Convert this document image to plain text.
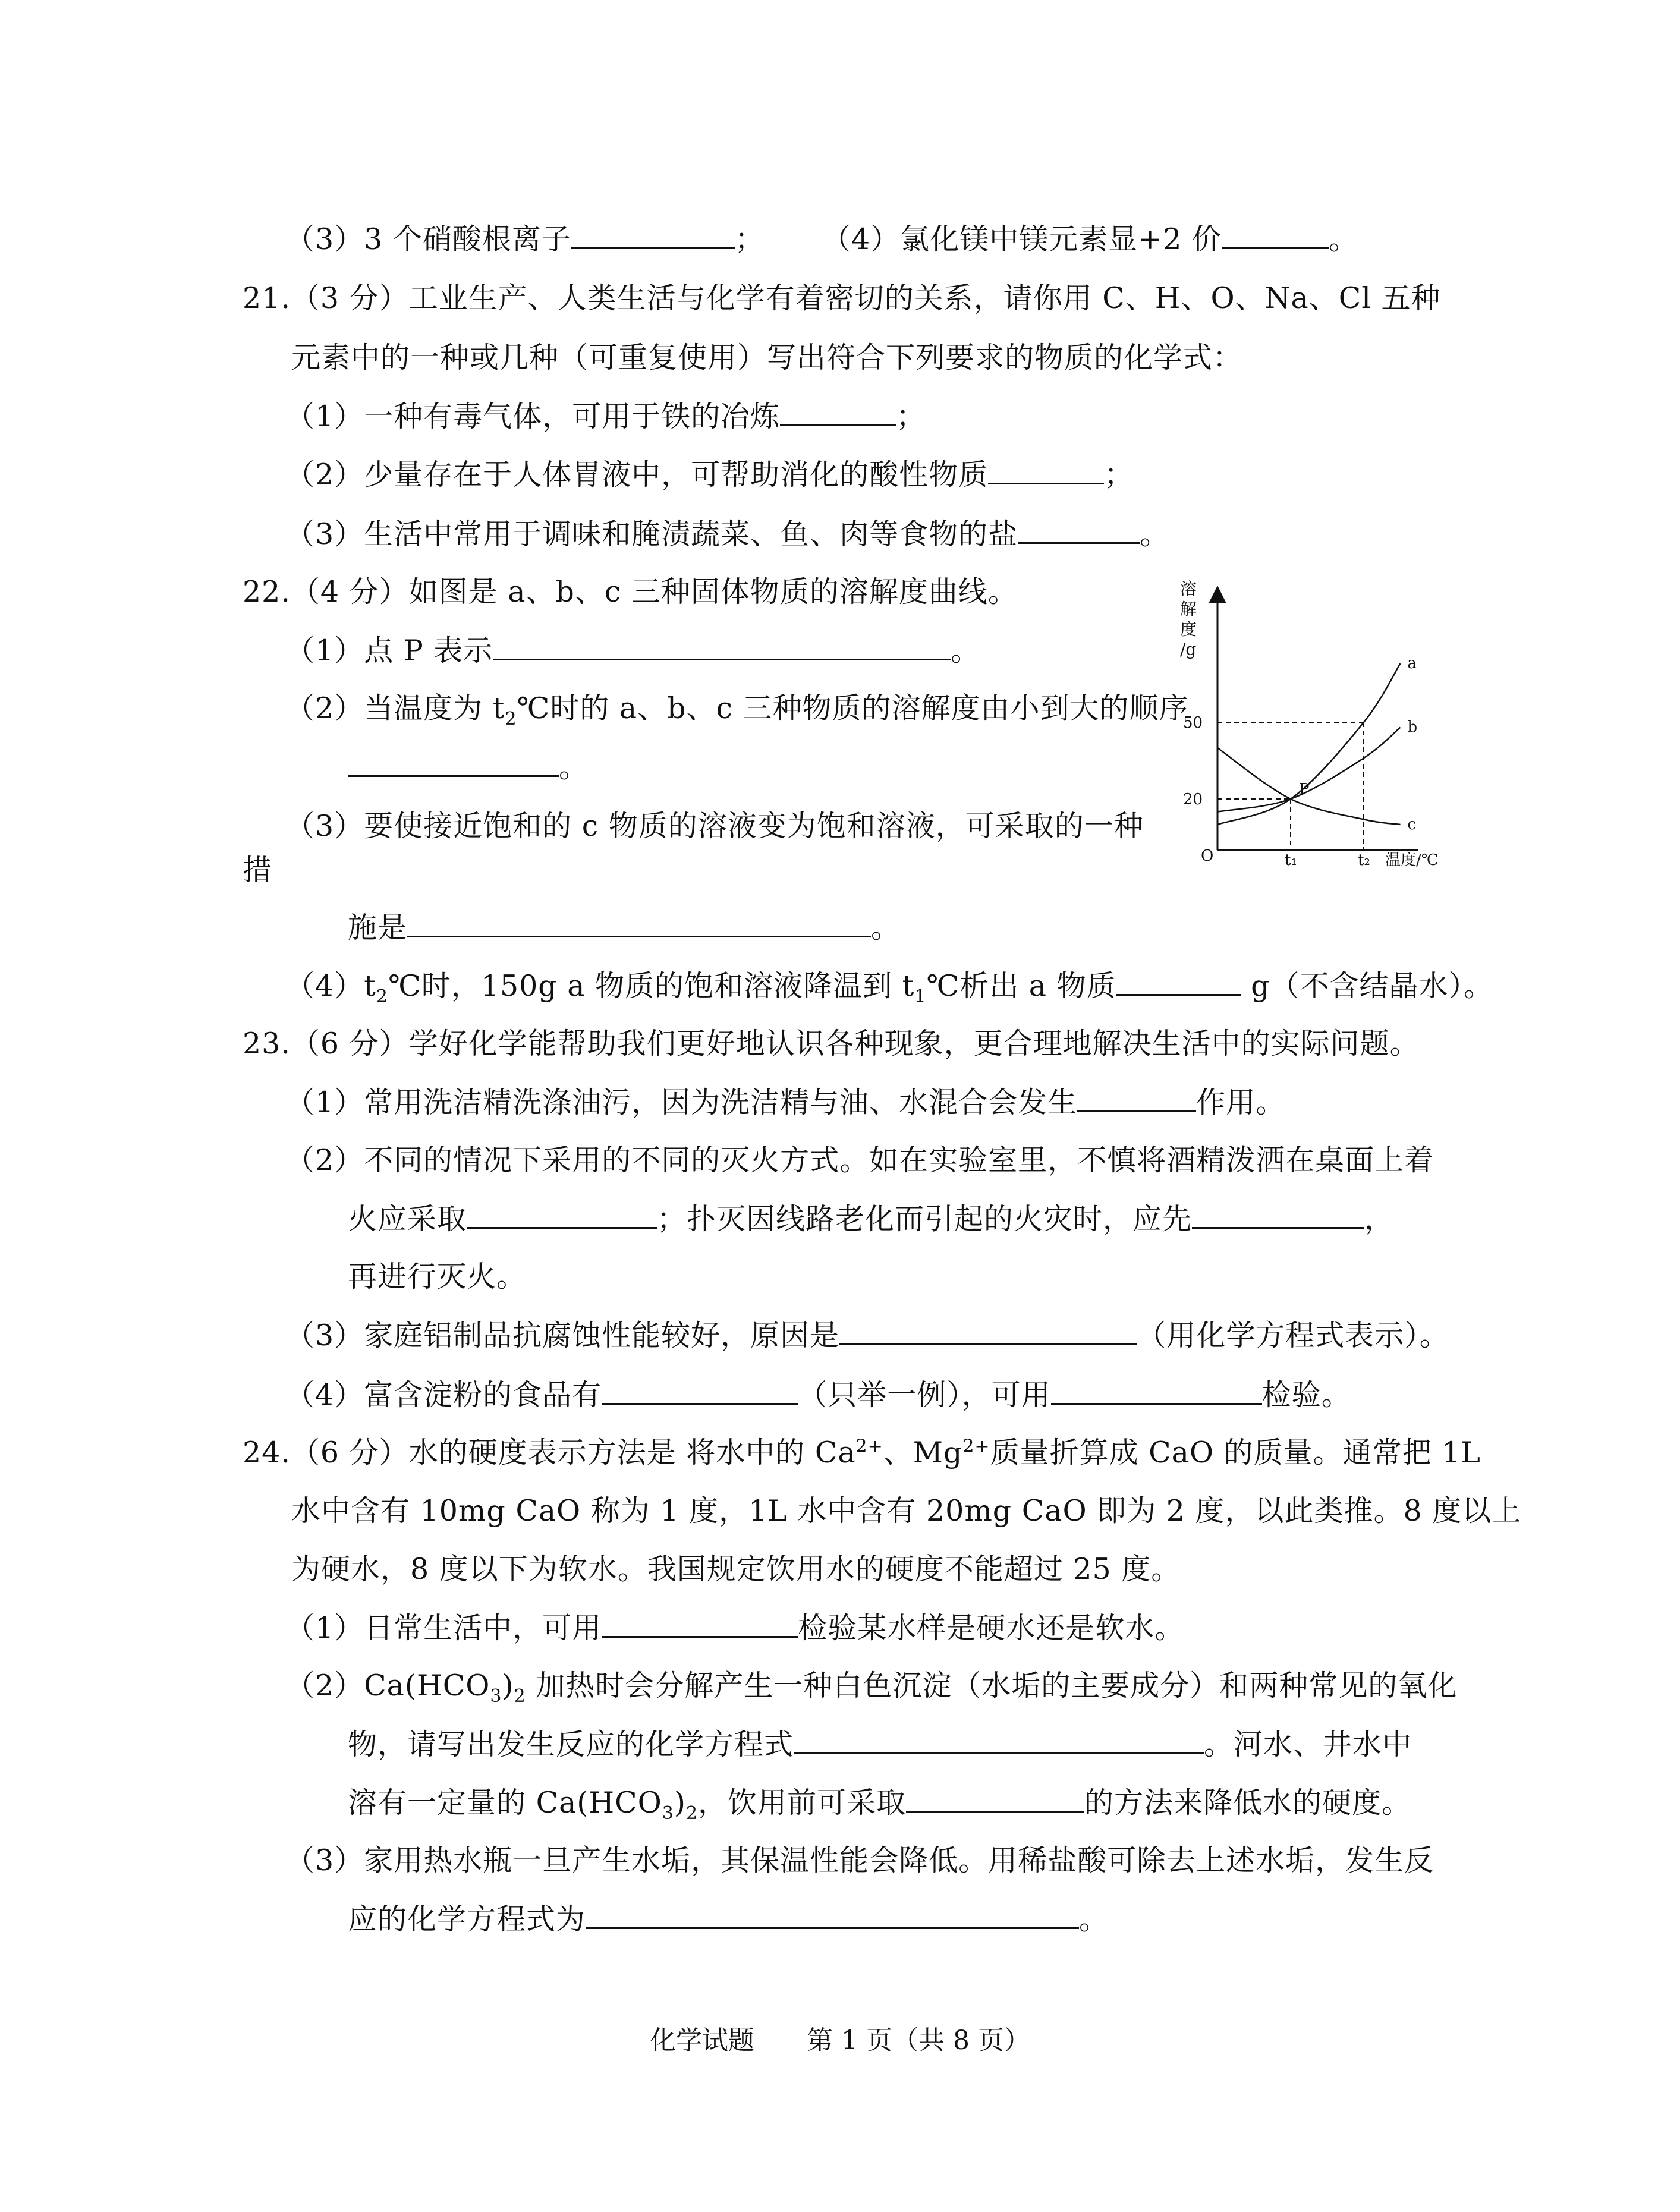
（3）3 个硝酸根离子	； （4）氯化镁中镁元素显+2 价	。
21.（3 分）工业生产、人类生活与化学有着密切的关系，请你用 C、H、O、Na、Cl 五种
元素中的一种或几种（可重复使用）写出符合下列要求的物质的化学式：
（1）一种有毒气体，可用于铁的冶炼	；
（2）少量存在于人体胃液中，可帮助消化的酸性物质	；
（3）生活中常用于调味和腌渍蔬菜、鱼、肉等食物的盐	。
22.（4 分）如图是 a、b、c 三种固体物质的溶解度曲线。
（1）点 P 表示	。
（2）当温度为 $t_2℃$时的 a、b、c 三种物质的溶解度由小到大的顺序
。
（3）要使接近饱和的 c 物质的溶液变为饱和溶液，可采取的一种
措
施是	。
$(4)t_2℃$时，150g a 物质的饱和溶液降温到 $t_1℃$析出 a 物质	g（不含结晶水）。
23.（6 分）学好化学能帮助我们更好地认识各种现象，更合理地解决生活中的实际问题。
（1）常用洗洁精洗涤油污，因为洗洁精与油、水混合会发生	作用。
（2）不同的情况下采用的不同的灭火方式。如在实验室里，不慎将酒精泼洒在桌面上着
火应采取	；扑灭因线路老化而引起的火灾时，应先	，
再进行灭火。
（3）家庭铝制品抗腐蚀性能较好，原因是	（用化学方程式表示）。
（4）富含淀粉的食品有	（只举一例），可用	检验。
24.（6 分）水的硬度表示方法是 将水中的 $Ca^{2+}$、$Mg^{2+}$质量折算成 CaO 的质量。通常把 1L
水中含有 10mg CaO 称为 1 度，1L 水中含有 20mg CaO 即为 2 度，以此类推。8 度以上
为硬水，8 度以下为软水。我国规定饮用水的硬度不能超过 25 度。
（1）日常生活中，可用	检验某水样是硬水还是软水。
$(2)Ca(HCO_3)_2$ 加热时会分解产生一种白色沉淀（水垢的主要成分）和两种常见的氧化
物，请写出发生反应的化学方程式	。河水、井水中
溶有一定量的 $Ca(HCO_3)_2$，饮用前可采取	的方法来降低水的硬度。
（3）家用热水瓶一旦产生水垢，其保温性能会降低。用稀盐酸可除去上述水垢，发生反
应的化学方程式为	。
溶
解
度
/g
O
a
b
c
P
20
50
t₁	t₂ 温度/℃
化学试题　　第 1 页（共 8 页）
